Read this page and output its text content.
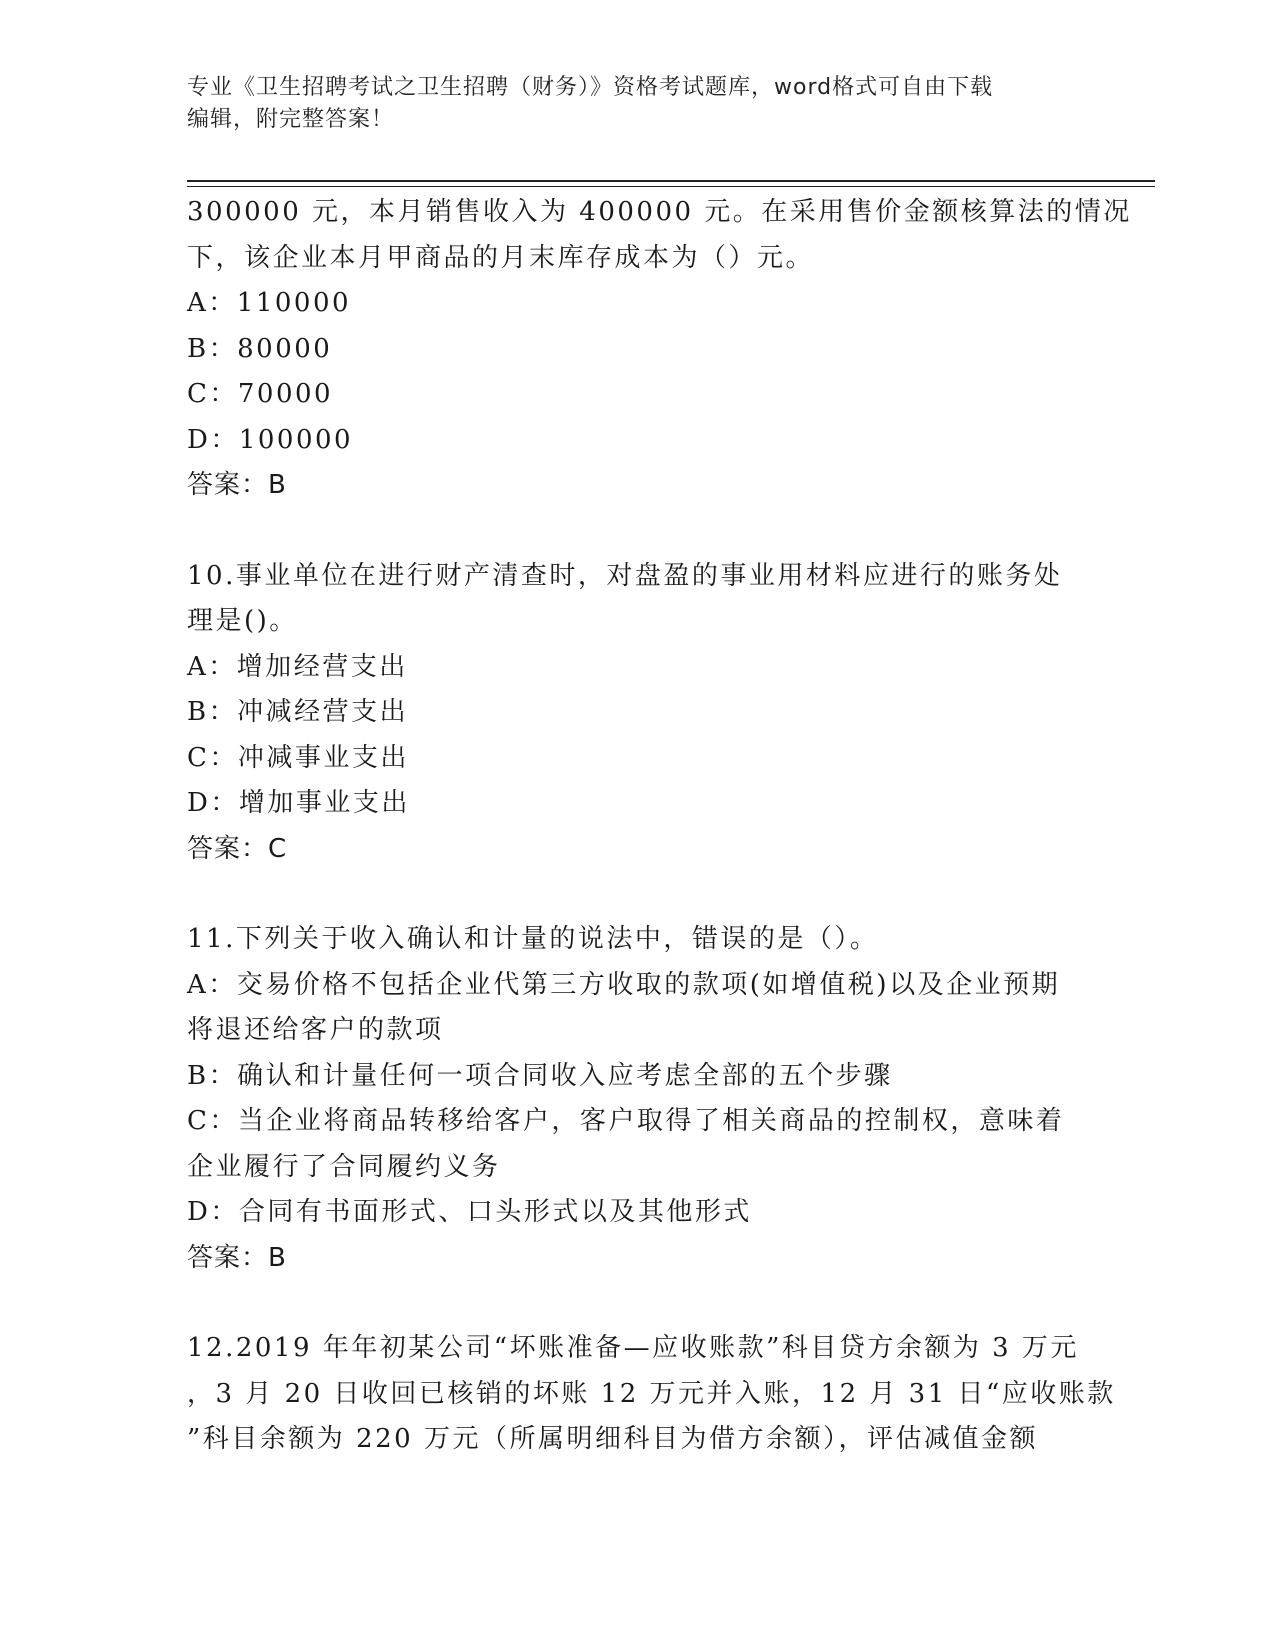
专业《卫生招聘考试之卫生招聘（财务）》资格考试题库，word格式可自由下载
编辑，附完整答案！
300000 元，本月销售收入为 400000 元。在采用售价金额核算法的情况
下，该企业本月甲商品的月末库存成本为（）元。
A：110000
B：80000
C：70000
D：100000
答案：B
10.事业单位在进行财产清查时，对盘盈的事业用材料应进行的账务处
理是()。
A：增加经营支出
B：冲减经营支出
C：冲减事业支出
D：增加事业支出
答案：C
11.下列关于收入确认和计量的说法中，错误的是（）。
A：交易价格不包括企业代第三方收取的款项(如增值税)以及企业预期
将退还给客户的款项
B：确认和计量任何一项合同收入应考虑全部的五个步骤
C：当企业将商品转移给客户，客户取得了相关商品的控制权，意味着
企业履行了合同履约义务
D：合同有书面形式、口头形式以及其他形式
答案：B
12.2019 年年初某公司“坏账准备—应收账款”科目贷方余额为 3 万元
，3 月 20 日收回已核销的坏账 12 万元并入账，12 月 31 日“应收账款
”科目余额为 220 万元（所属明细科目为借方余额），评估减值金额
